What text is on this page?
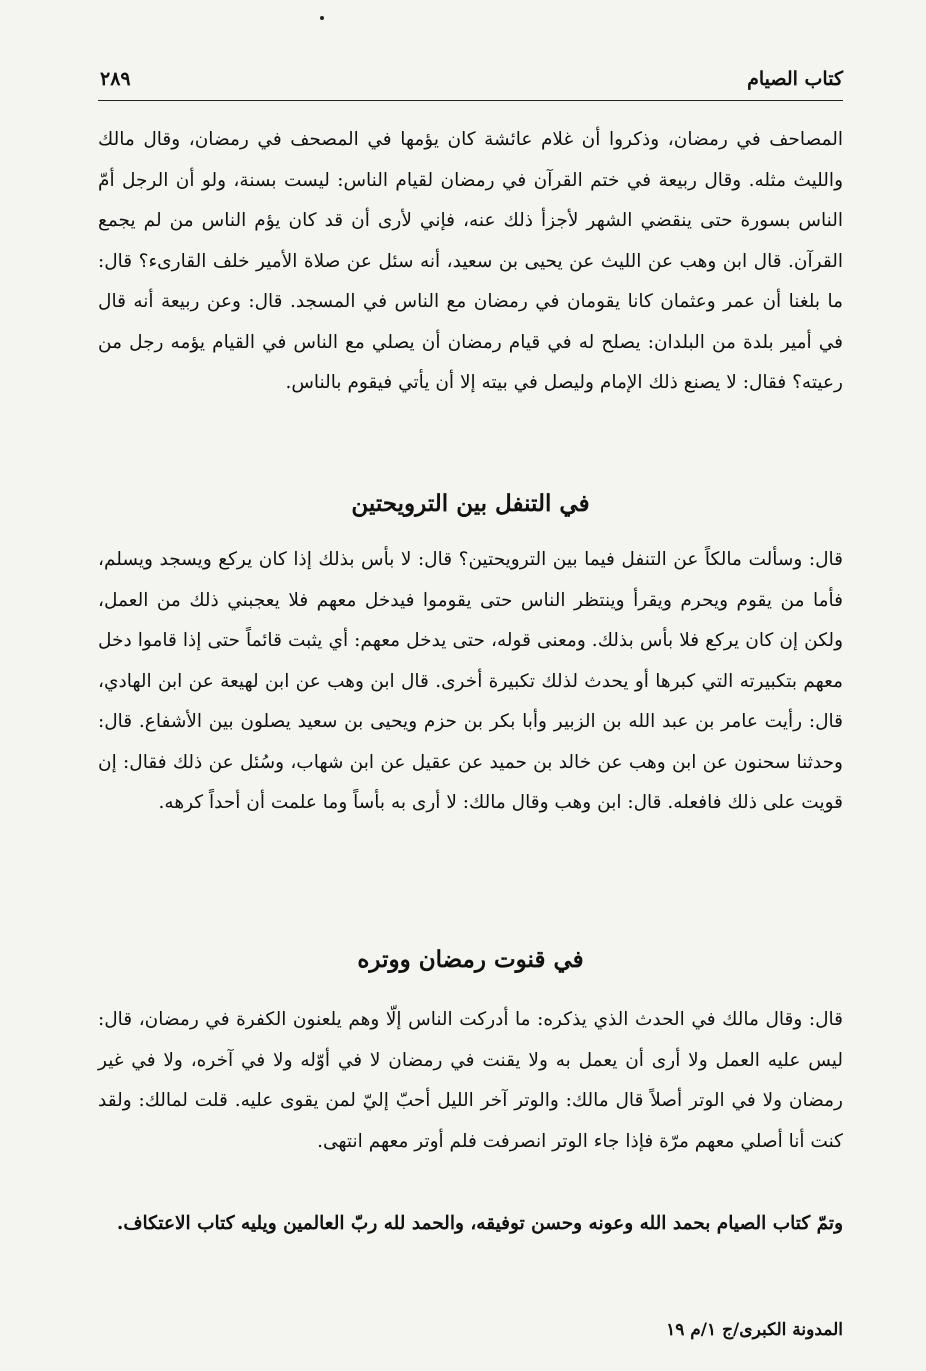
كتاب الصيام
٢٨٩
المصاحف في رمضان، وذكروا أن غلام عائشة كان يؤمها في المصحف في رمضان، وقال مالك والليث مثله. وقال ربيعة في ختم القرآن في رمضان لقيام الناس: ليست بسنة، ولو أن الرجل أمّ الناس بسورة حتى ينقضي الشهر لأجزأ ذلك عنه، فإني لأرى أن قد كان يؤم الناس من لم يجمع القرآن. قال ابن وهب عن الليث عن يحيى بن سعيد، أنه سئل عن صلاة الأمير خلف القارىء؟ قال: ما بلغنا أن عمر وعثمان كانا يقومان في رمضان مع الناس في المسجد. قال: وعن ربيعة أنه قال في أمير بلدة من البلدان: يصلح له في قيام رمضان أن يصلي مع الناس في القيام يؤمه رجل من رعيته؟ فقال: لا يصنع ذلك الإمام وليصل في بيته إلا أن يأتي فيقوم بالناس.
في التنفل بين الترويحتين
قال: وسألت مالكاً عن التنفل فيما بين الترويحتين؟ قال: لا بأس بذلك إذا كان يركع ويسجد ويسلم، فأما من يقوم ويحرم ويقرأ وينتظر الناس حتى يقوموا فيدخل معهم فلا يعجبني ذلك من العمل، ولكن إن كان يركع فلا بأس بذلك. ومعنى قوله، حتى يدخل معهم: أي يثبت قائماً حتى إذا قاموا دخل معهم بتكبيرته التي كبرها أو يحدث لذلك تكبيرة أخرى. قال ابن وهب عن ابن لهيعة عن ابن الهادي، قال: رأيت عامر بن عبد الله بن الزبير وأبا بكر بن حزم ويحيى بن سعيد يصلون بين الأشفاع. قال: وحدثنا سحنون عن ابن وهب عن خالد بن حميد عن عقيل عن ابن شهاب، وسُئل عن ذلك فقال: إن قويت على ذلك فافعله. قال: ابن وهب وقال مالك: لا أرى به بأساً وما علمت أن أحداً كرهه.
في قنوت رمضان ووتره
قال: وقال مالك في الحدث الذي يذكره: ما أدركت الناس إلّا وهم يلعنون الكفرة في رمضان، قال: ليس عليه العمل ولا أرى أن يعمل به ولا يقنت في رمضان لا في أوّله ولا في آخره، ولا في غير رمضان ولا في الوتر أصلاً قال مالك: والوتر آخر الليل أحبّ إليّ لمن يقوى عليه. قلت لمالك: ولقد كنت أنا أصلي معهم مرّة فإذا جاء الوتر انصرفت فلم أوتر معهم انتهى.
وتمّ كتاب الصيام بحمد الله وعونه وحسن توفيقه، والحمد لله ربّ العالمين ويليه كتاب الاعتكاف.
المدونة الكبرى/ج ١/م ١٩
